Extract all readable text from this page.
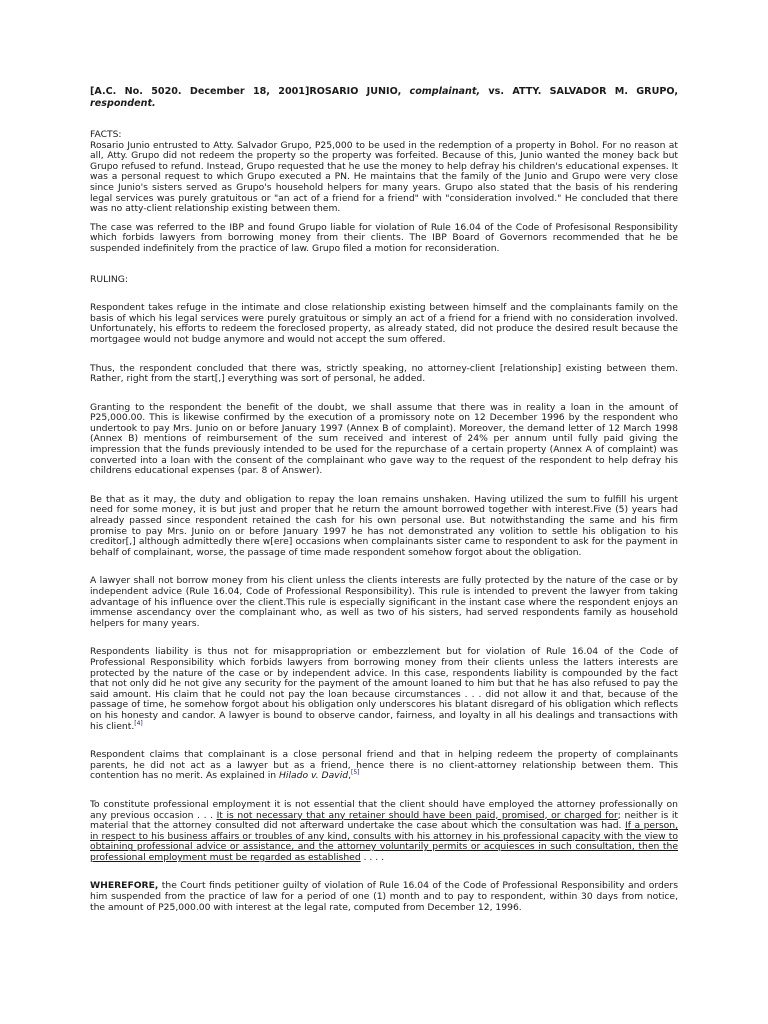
[A.C. No. 5020. December 18, 2001]ROSARIO JUNIO, complainant, vs. ATTY. SALVADOR M. GRUPO, respondent.

FACTS:

Rosario Junio entrusted to Atty. Salvador Grupo, P25,000 to be used in the redemption of a property in Bohol. For no reason at all, Atty. Grupo did not redeem the property so the property was forfeited. Because of this, Junio wanted the money back but Grupo refused to refund. Instead, Grupo requested that he use the money to help defray his children's educational expenses. It was a personal request to which Grupo executed a PN. He maintains that the family of the Junio and Grupo were very close since Junio's sisters served as Grupo's household helpers for many years. Grupo also stated that the basis of his rendering legal services was purely gratuitous or "an act of a friend for a friend" with "consideration involved." He concluded that there was no atty-client relationship existing between them.

The case was referred to the IBP and found Grupo liable for violation of Rule 16.04 of the Code of Profesisonal Responsibility which forbids lawyers from borrowing money from their clients. The IBP Board of Governors recommended that he be suspended indefinitely from the practice of law. Grupo filed a motion for reconsideration.

RULING:

Respondent takes refuge in the intimate and close relationship existing between himself and the complainants family on the basis of which his legal services were purely gratuitous or simply an act of a friend for a friend with no consideration involved. Unfortunately, his efforts to redeem the foreclosed property, as already stated, did not produce the desired result because the mortgagee would not budge anymore and would not accept the sum offered.

Thus, the respondent concluded that there was, strictly speaking, no attorney-client [relationship] existing between them. Rather, right from the start[,] everything was sort of personal, he added.

Granting to the respondent the benefit of the doubt, we shall assume that there was in reality a loan in the amount of P25,000.00. This is likewise confirmed by the execution of a promissory note on 12 December 1996 by the respondent who undertook to pay Mrs. Junio on or before January 1997 (Annex B of complaint). Moreover, the demand letter of 12 March 1998 (Annex B) mentions of reimbursement of the sum received and interest of 24% per annum until fully paid giving the impression that the funds previously intended to be used for the repurchase of a certain property (Annex A of complaint) was converted into a loan with the consent of the complainant who gave way to the request of the respondent to help defray his childrens educational expenses (par. 8 of Answer).

Be that as it may, the duty and obligation to repay the loan remains unshaken. Having utilized the sum to fulfill his urgent need for some money, it is but just and proper that he return the amount borrowed together with interest.Five (5) years had already passed since respondent retained the cash for his own personal use. But notwithstanding the same and his firm promise to pay Mrs. Junio on or before January 1997 he has not demonstrated any volition to settle his obligation to his creditor[,] although admittedly there w[ere] occasions when complainants sister came to respondent to ask for the payment in behalf of complainant, worse, the passage of time made respondent somehow forgot about the obligation.

A lawyer shall not borrow money from his client unless the clients interests are fully protected by the nature of the case or by independent advice (Rule 16.04, Code of Professional Responsibility). This rule is intended to prevent the lawyer from taking advantage of his influence over the client.This rule is especially significant in the instant case where the respondent enjoys an immense ascendancy over the complainant who, as well as two of his sisters, had served respondents family as household helpers for many years.

Respondents liability is thus not for misappropriation or embezzlement but for violation of Rule 16.04 of the Code of Professional Responsibility which forbids lawyers from borrowing money from their clients unless the latters interests are protected by the nature of the case or by independent advice. In this case, respondents liability is compounded by the fact that not only did he not give any security for the payment of the amount loaned to him but that he has also refused to pay the said amount. His claim that he could not pay the loan because circumstances . . . did not allow it and that, because of the passage of time, he somehow forgot about his obligation only underscores his blatant disregard of his obligation which reflects on his honesty and candor. A lawyer is bound to observe candor, fairness, and loyalty in all his dealings and transactions with his client.[4]

Respondent claims that complainant is a close personal friend and that in helping redeem the property of complainants parents, he did not act as a lawyer but as a friend, hence there is no client-attorney relationship between them. This contention has no merit. As explained in Hilado v. David,[5]

To constitute professional employment it is not essential that the client should have employed the attorney professionally on any previous occasion . . . It is not necessary that any retainer should have been paid, promised, or charged for; neither is it material that the attorney consulted did not afterward undertake the case about which the consultation was had. If a person, in respect to his business affairs or troubles of any kind, consults with his attorney in his professional capacity with the view to obtaining professional advice or assistance, and the attorney voluntarily permits or acquiesces in such consultation, then the professional employment must be regarded as established . . . .

WHEREFORE, the Court finds petitioner guilty of violation of Rule 16.04 of the Code of Professional Responsibility and orders him suspended from the practice of law for a period of one (1) month and to pay to respondent, within 30 days from notice, the amount of P25,000.00 with interest at the legal rate, computed from December 12, 1996.
